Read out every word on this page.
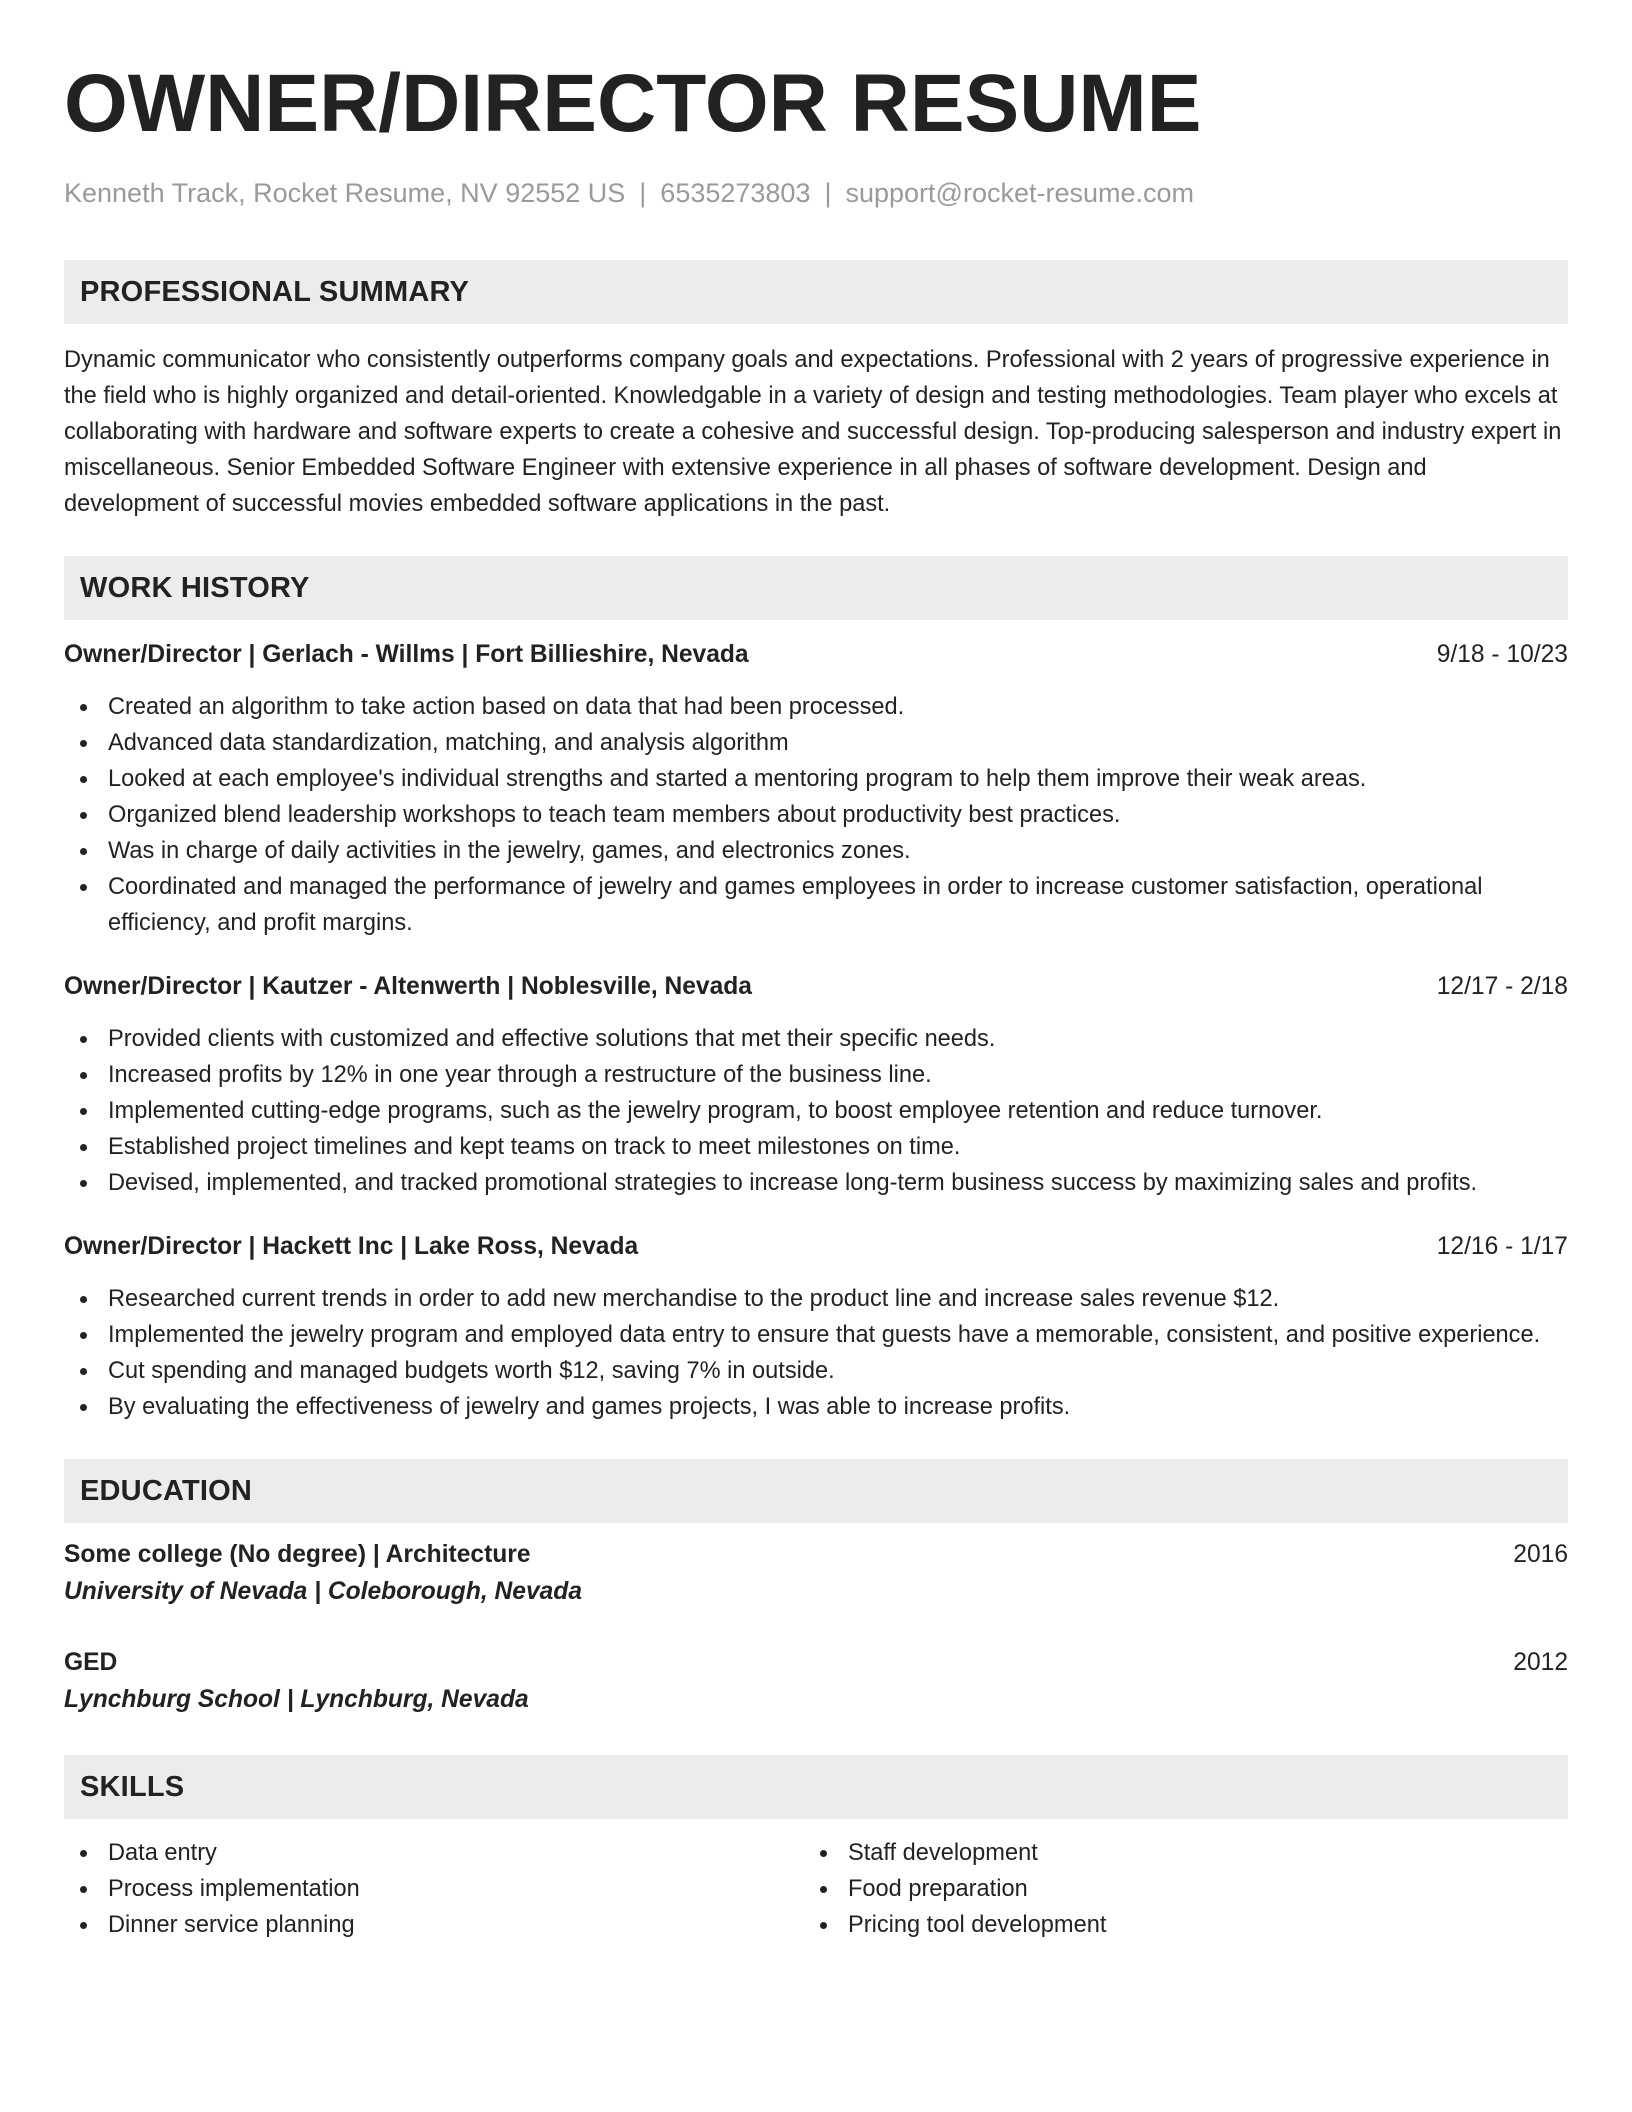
OWNER/DIRECTOR RESUME
Kenneth Track, Rocket Resume, NV 92552 US | 6535273803 | support@rocket-resume.com
PROFESSIONAL SUMMARY

Dynamic communicator who consistently outperforms company goals and expectations. Professional with 2 years of progressive experience in the field who is highly organized and detail-oriented. Knowledgable in a variety of design and testing methodologies. Team player who excels at collaborating with hardware and software experts to create a cohesive and successful design. Top-producing salesperson and industry expert in miscellaneous. Senior Embedded Software Engineer with extensive experience in all phases of software development. Design and development of successful movies embedded software applications in the past.

WORK HISTORY
Owner/Director | Gerlach - Willms | Fort Billieshire, Nevada	9/18 - 10/23
Created an algorithm to take action based on data that had been processed.
Advanced data standardization, matching, and analysis algorithm
Looked at each employee's individual strengths and started a mentoring program to help them improve their weak areas.
Organized blend leadership workshops to teach team members about productivity best practices.
Was in charge of daily activities in the jewelry, games, and electronics zones.
Coordinated and managed the performance of jewelry and games employees in order to increase customer satisfaction, operational efficiency, and profit margins.
Owner/Director | Kautzer - Altenwerth | Noblesville, Nevada	12/17 - 2/18
Provided clients with customized and effective solutions that met their specific needs.
Increased profits by 12% in one year through a restructure of the business line.
Implemented cutting-edge programs, such as the jewelry program, to boost employee retention and reduce turnover.
Established project timelines and kept teams on track to meet milestones on time.
Devised, implemented, and tracked promotional strategies to increase long-term business success by maximizing sales and profits.
Owner/Director | Hackett Inc | Lake Ross, Nevada	12/16 - 1/17
Researched current trends in order to add new merchandise to the product line and increase sales revenue $12.
Implemented the jewelry program and employed data entry to ensure that guests have a memorable, consistent, and positive experience.
Cut spending and managed budgets worth $12, saving 7% in outside.
By evaluating the effectiveness of jewelry and games projects, I was able to increase profits.
EDUCATION
Some college (No degree) | Architecture	2016
University of Nevada | Coleborough, Nevada
GED	2012
Lynchburg School | Lynchburg, Nevada
SKILLS
Data entry
Process implementation
Dinner service planning
Staff development
Food preparation
Pricing tool development
